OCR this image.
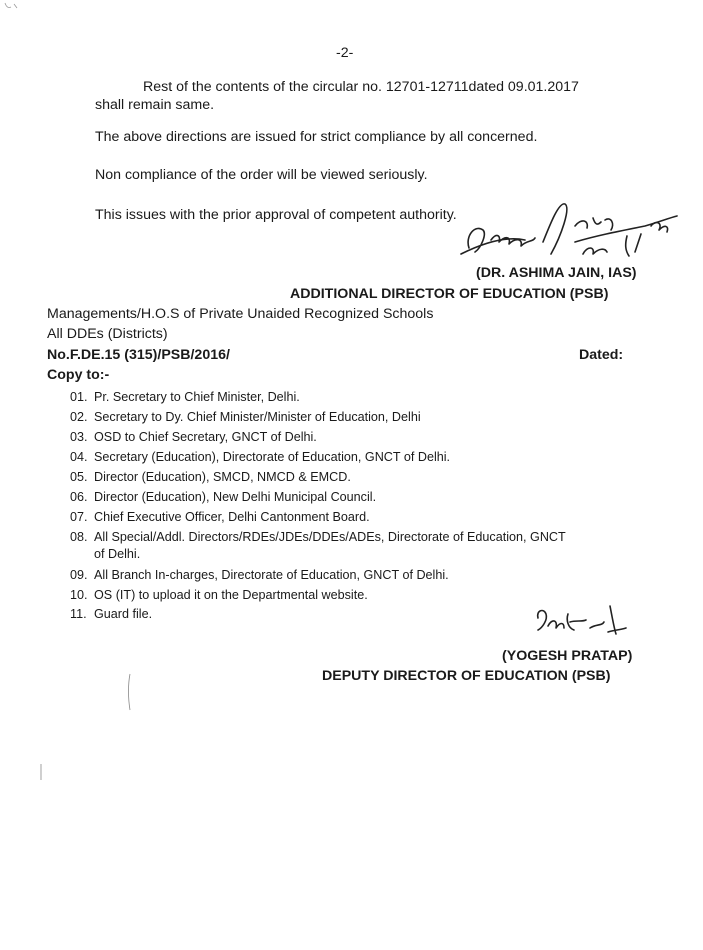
-2-
Rest of the contents of the circular no. 12701-12711dated 09.01.2017
shall remain same.
The above directions are issued for strict compliance by all concerned.
Non compliance of the order will be viewed seriously.
This issues with the prior approval of competent authority.
(DR. ASHIMA JAIN, IAS)
ADDITIONAL DIRECTOR OF EDUCATION (PSB)
Managements/H.O.S of Private Unaided Recognized Schools
All DDEs (Districts)
No.F.DE.15 (315)/PSB/2016/	Dated:
Copy to:-
01. Pr. Secretary to Chief Minister, Delhi.
02. Secretary to Dy. Chief Minister/Minister of Education, Delhi
03. OSD to Chief Secretary, GNCT of Delhi.
04. Secretary (Education), Directorate of Education, GNCT of Delhi.
05. Director (Education), SMCD, NMCD & EMCD.
06. Director (Education), New Delhi Municipal Council.
07. Chief Executive Officer, Delhi Cantonment Board.
08. All Special/Addl. Directors/RDEs/JDEs/DDEs/ADEs, Directorate of Education, GNCT
of Delhi.
09. All Branch In-charges, Directorate of Education, GNCT of Delhi.
10. OS (IT) to upload it on the Departmental website.
11. Guard file.
(YOGESH PRATAP)
DEPUTY DIRECTOR OF EDUCATION (PSB)
